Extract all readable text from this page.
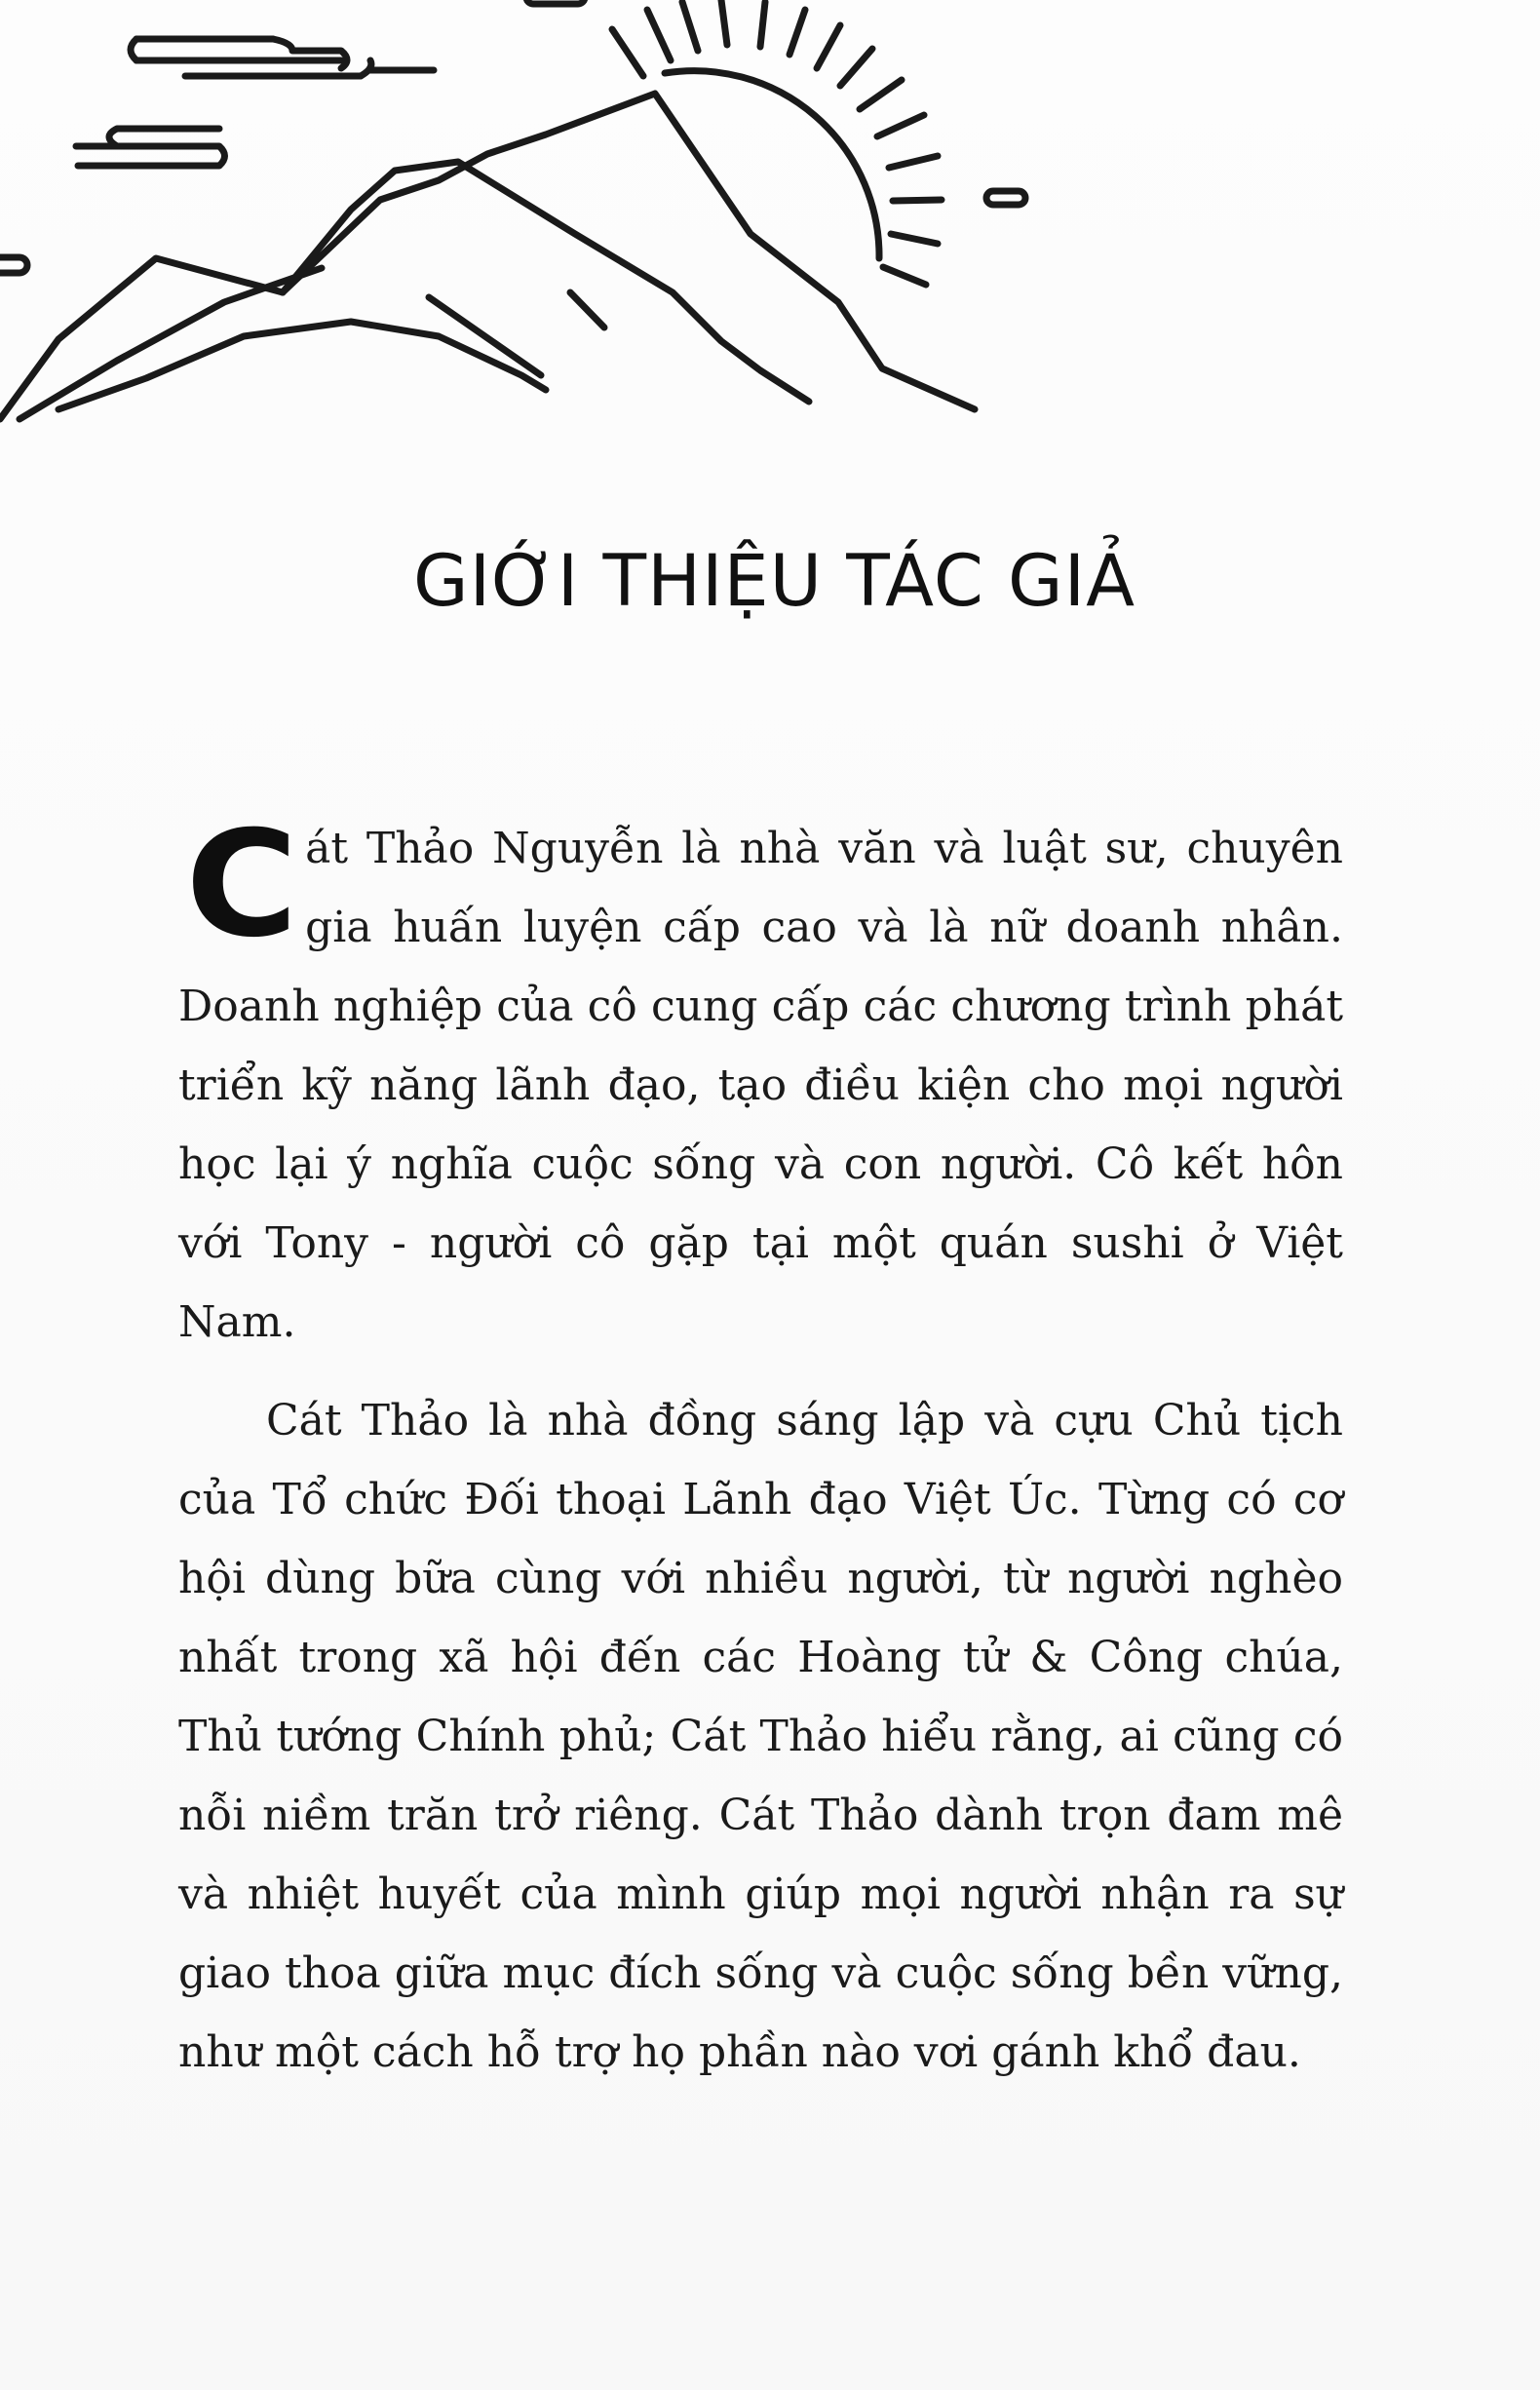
GIỚI THIỆU TÁC GIẢ

Cát Thảo Nguyễn là nhà văn và luật sư, chuyên gia huấn luyện cấp cao và là nữ doanh nhân. Doanh nghiệp của cô cung cấp các chương trình phát triển kỹ năng lãnh đạo, tạo điều kiện cho mọi người học lại ý nghĩa cuộc sống và con người. Cô kết hôn với Tony - người cô gặp tại một quán sushi ở Việt Nam.

Cát Thảo là nhà đồng sáng lập và cựu Chủ tịch của Tổ chức Đối thoại Lãnh đạo Việt Úc. Từng có cơ hội dùng bữa cùng với nhiều người, từ người nghèo nhất trong xã hội đến các Hoàng tử & Công chúa, Thủ tướng Chính phủ; Cát Thảo hiểu rằng, ai cũng có nỗi niềm trăn trở riêng. Cát Thảo dành trọn đam mê và nhiệt huyết của mình giúp mọi người nhận ra sự giao thoa giữa mục đích sống và cuộc sống bền vững, như một cách hỗ trợ họ phần nào vơi gánh khổ đau.
